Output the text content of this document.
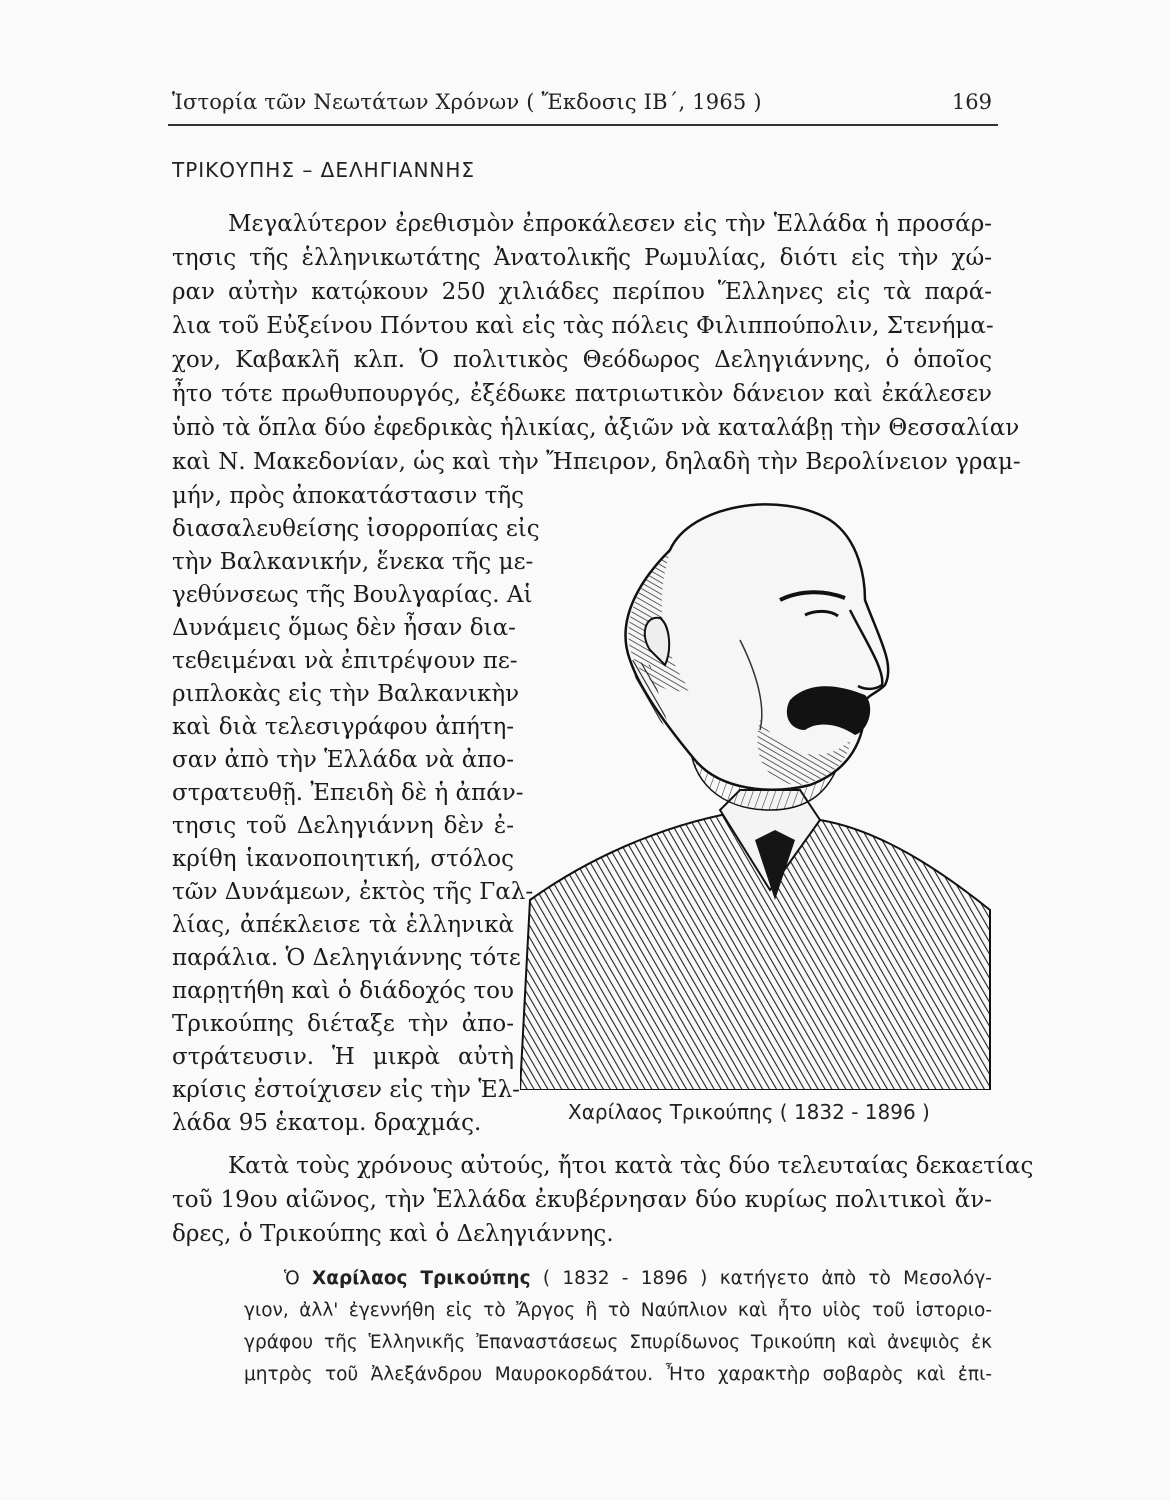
Ἱστορία τῶν Νεωτάτων Χρόνων ( Ἔκδοσις ΙΒ΄, 1965 )	169
ΤΡΙΚΟΥΠΗΣ – ΔΕΛΗΓΙΑΝΝΗΣ
Μεγαλύτερον ἐρεθισμὸν ἐπροκάλεσεν εἰς τὴν Ἑλλάδα ἡ προσάρ-
τησις τῆς ἑλληνικωτάτης Ἀνατολικῆς Ρωμυλίας, διότι εἰς τὴν χώ-
ραν αὐτὴν κατῴκουν 250 χιλιάδες περίπου Ἕλληνες εἰς τὰ παρά-
λια τοῦ Εὐξείνου Πόντου καὶ εἰς τὰς πόλεις Φιλιππούπολιν, Στενήμα-
χον, Καβακλῆ κλπ. Ὁ πολιτικὸς Θεόδωρος Δεληγιάννης, ὁ ὁποῖος
ἦτο τότε πρωθυπουργός, ἐξέδωκε πατριωτικὸν δάνειον καὶ ἐκάλεσεν
ὑπὸ τὰ ὅπλα δύο ἐφεδρικὰς ἡλικίας, ἀξιῶν νὰ καταλάβῃ τὴν Θεσσαλίαν
καὶ Ν. Μακεδονίαν, ὡς καὶ τὴν Ἤπειρον, δηλαδὴ τὴν Βερολίνειον γραμ-
μήν, πρὸς ἀποκατάστασιν τῆς
διασαλευθείσης ἰσορροπίας εἰς
τὴν Βαλκανικήν, ἕνεκα τῆς με-
γεθύνσεως τῆς Βουλγαρίας. Αἱ
Δυνάμεις ὅμως δὲν ἦσαν δια-
τεθειμέναι νὰ ἐπιτρέψουν πε-
ριπλοκὰς εἰς τὴν Βαλκανικὴν
καὶ διὰ τελεσιγράφου ἀπήτη-
σαν ἀπὸ τὴν Ἑλλάδα νὰ ἀπο-
στρατευθῇ. Ἐπειδὴ δὲ ἡ ἀπάν-
τησις τοῦ Δεληγιάννη δὲν ἐ-
κρίθη ἱκανοποιητική, στόλος
τῶν Δυνάμεων, ἐκτὸς τῆς Γαλ-
λίας, ἀπέκλεισε τὰ ἑλληνικὰ
παράλια. Ὁ Δεληγιάννης τότε
παρῃτήθη καὶ ὁ διάδοχός του
Τρικούπης διέταξε τὴν ἀπο-
στράτευσιν. Ἡ μικρὰ αὐτὴ
κρίσις ἐστοίχισεν εἰς τὴν Ἑλ-
λάδα 95 ἑκατομ. δραχμάς.	Χαρίλαος Τρικούπης ( 1832 - 1896 )
Κατὰ τοὺς χρόνους αὐτούς, ἤτοι κατὰ τὰς δύο τελευταίας δεκαετίας
τοῦ 19ου αἰῶνος, τὴν Ἑλλάδα ἐκυβέρνησαν δύο κυρίως πολιτικοὶ ἄν-
δρες, ὁ Τρικούπης καὶ ὁ Δεληγιάννης.
Ὁ Χαρίλαος Τρικούπης ( 1832 - 1896 ) κατήγετο ἀπὸ τὸ Μεσολόγ-
γιον, ἀλλ' ἐγεννήθη εἰς τὸ Ἄργος ἢ τὸ Ναύπλιον καὶ ἦτο υἱὸς τοῦ ἱστοριο-
γράφου τῆς Ἑλληνικῆς Ἐπαναστάσεως Σπυρίδωνος Τρικούπη καὶ ἀνεψιὸς ἐκ
μητρὸς τοῦ Ἀλεξάνδρου Μαυροκορδάτου. Ἦτο χαρακτὴρ σοβαρὸς καὶ ἐπι-
